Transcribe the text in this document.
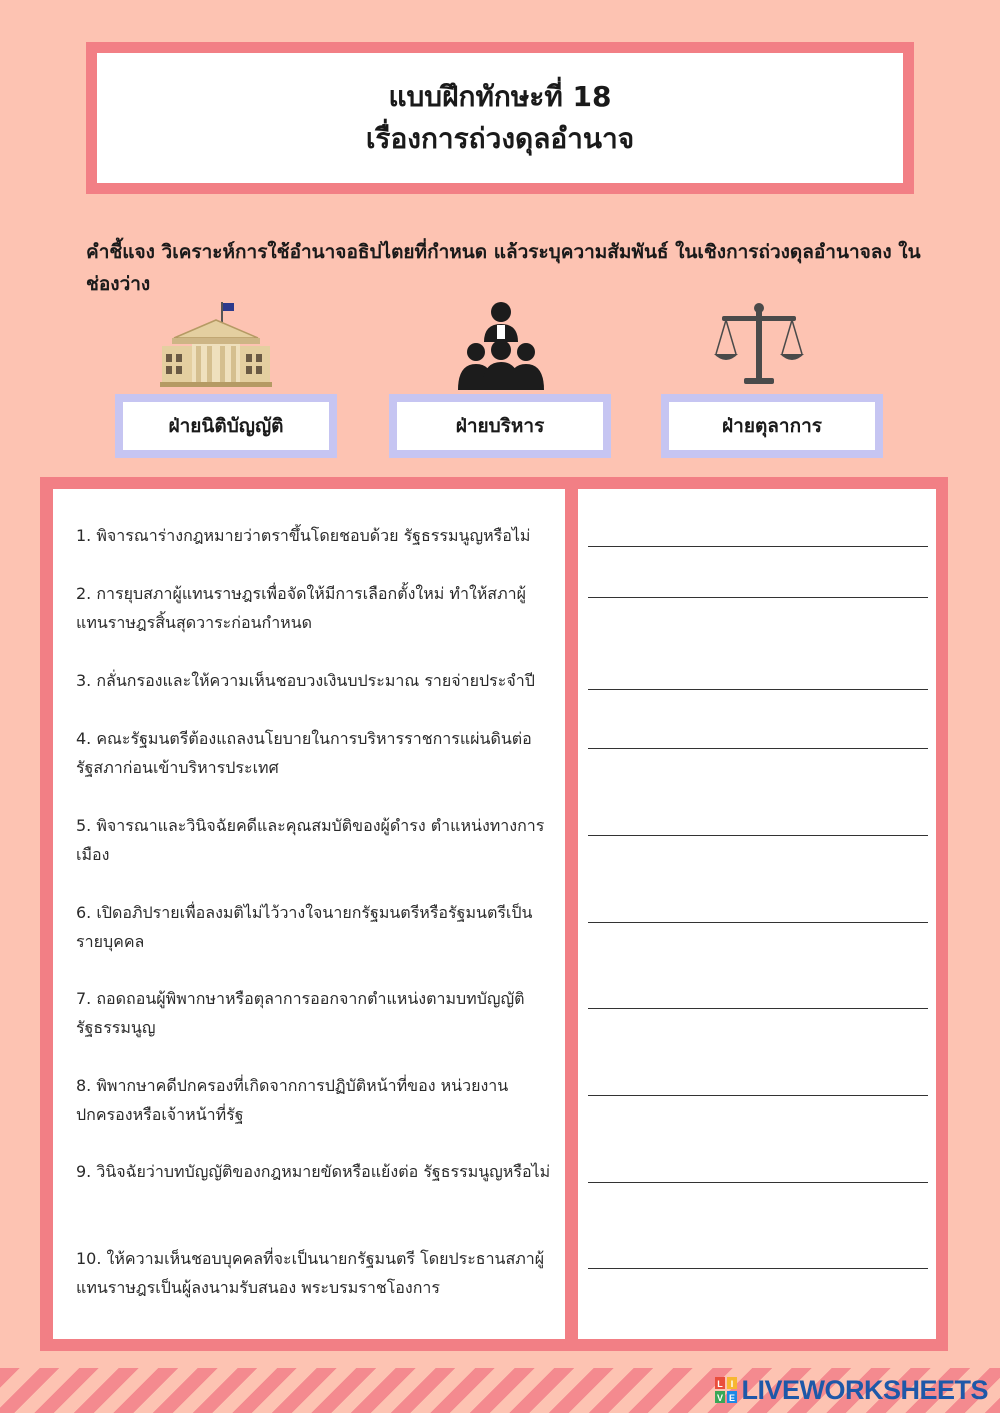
แบบฝึกทักษะที่ 18
เรื่องการถ่วงดุลอำนาจ
คำชี้แจง วิเคราะห์การใช้อำนาจอธิปไตยที่กำหนด แล้วระบุความสัมพันธ์ ในเชิงการถ่วงดุลอำนาจลง ในช่องว่าง
ฝ่ายนิติบัญญัติ	ฝ่ายบริหาร	ฝ่ายตุลาการ
1. พิจารณาร่างกฎหมายว่าตราขึ้นโดยชอบด้วย รัฐธรรมนูญหรือไม่
2. การยุบสภาผู้แทนราษฎรเพื่อจัดให้มีการเลือกตั้งใหม่ ทำให้สภาผู้แทนราษฎรสิ้นสุดวาระก่อนกำหนด
3. กลั่นกรองและให้ความเห็นชอบวงเงินบประมาณ รายจ่ายประจำปี
4. คณะรัฐมนตรีต้องแถลงนโยบายในการบริหารราชการแผ่นดินต่อรัฐสภาก่อนเข้าบริหารประเทศ
5. พิจารณาและวินิจฉัยคดีและคุณสมบัติของผู้ดำรง ตำแหน่งทางการเมือง
6. เปิดอภิปรายเพื่อลงมติไม่ไว้วางใจนายกรัฐมนตรีหรือรัฐมนตรีเป็นรายบุคคล
7. ถอดถอนผู้พิพากษาหรือตุลาการออกจากตำแหน่งตามบทบัญญัติรัฐธรรมนูญ
8. พิพากษาคดีปกครองที่เกิดจากการปฏิบัติหน้าที่ของ หน่วยงานปกครองหรือเจ้าหน้าที่รัฐ
9. วินิจฉัยว่าบทบัญญัติของกฎหมายขัดหรือแย้งต่อ รัฐธรรมนูญหรือไม่
10. ให้ความเห็นชอบบุคคลที่จะเป็นนายกรัฐมนตรี โดยประธานสภาผู้แทนราษฎรเป็นผู้ลงนามรับสนอง พระบรมราชโองการ
L I
V E LIVEWORKSHEETS
